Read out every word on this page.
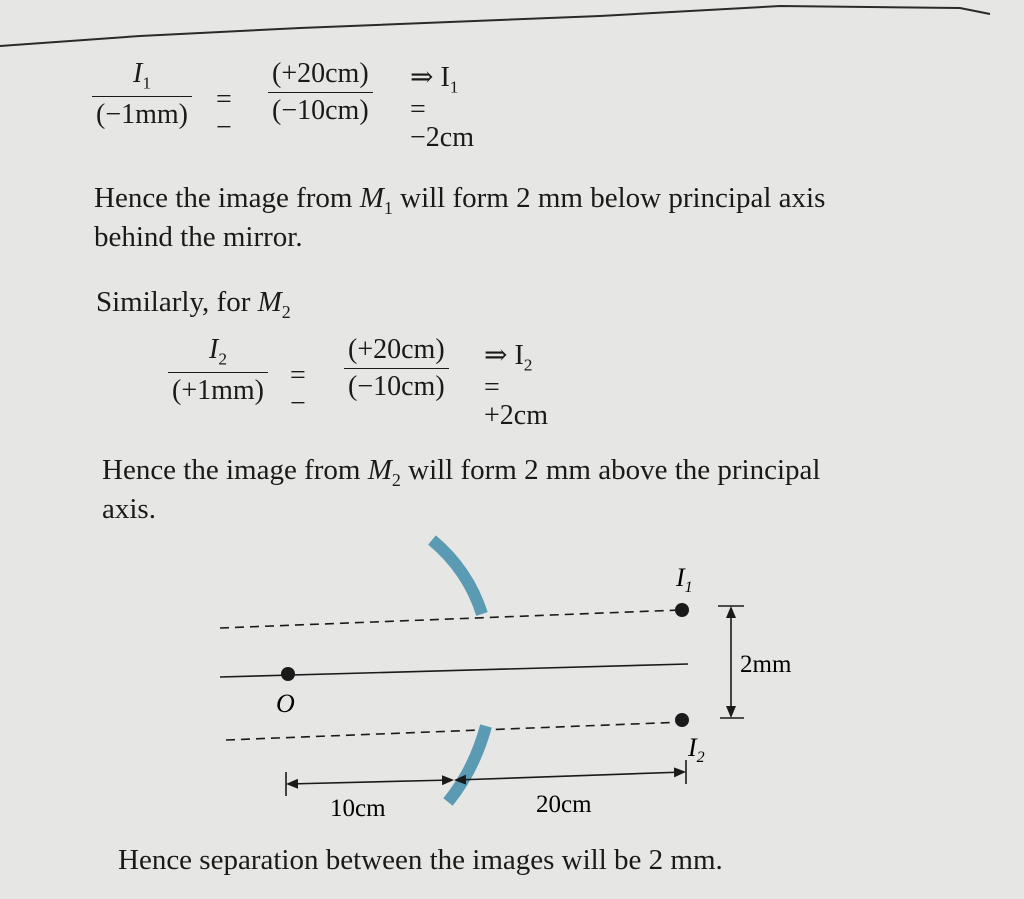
$\frac{I_1}{(-1mm)}$ = −
$\frac{(+20cm)}{(-10cm)}$ ⇒ $I_1 = -2cm$
Hence the image from $M_1$ will form 2 mm below principal axis
behind the mirror.
Similarly, for $M_2$
$\frac{I_2}{(+1mm)}$ = −
$\frac{(+20cm)}{(-10cm)}$ ⇒ $I_2 = +2cm$
Hence the image from $M_2$ will form 2 mm above the principal
axis.
$I_1$
$I_2$
O
2mm
10cm	20cm
Hence separation between the images will be 2 mm.
